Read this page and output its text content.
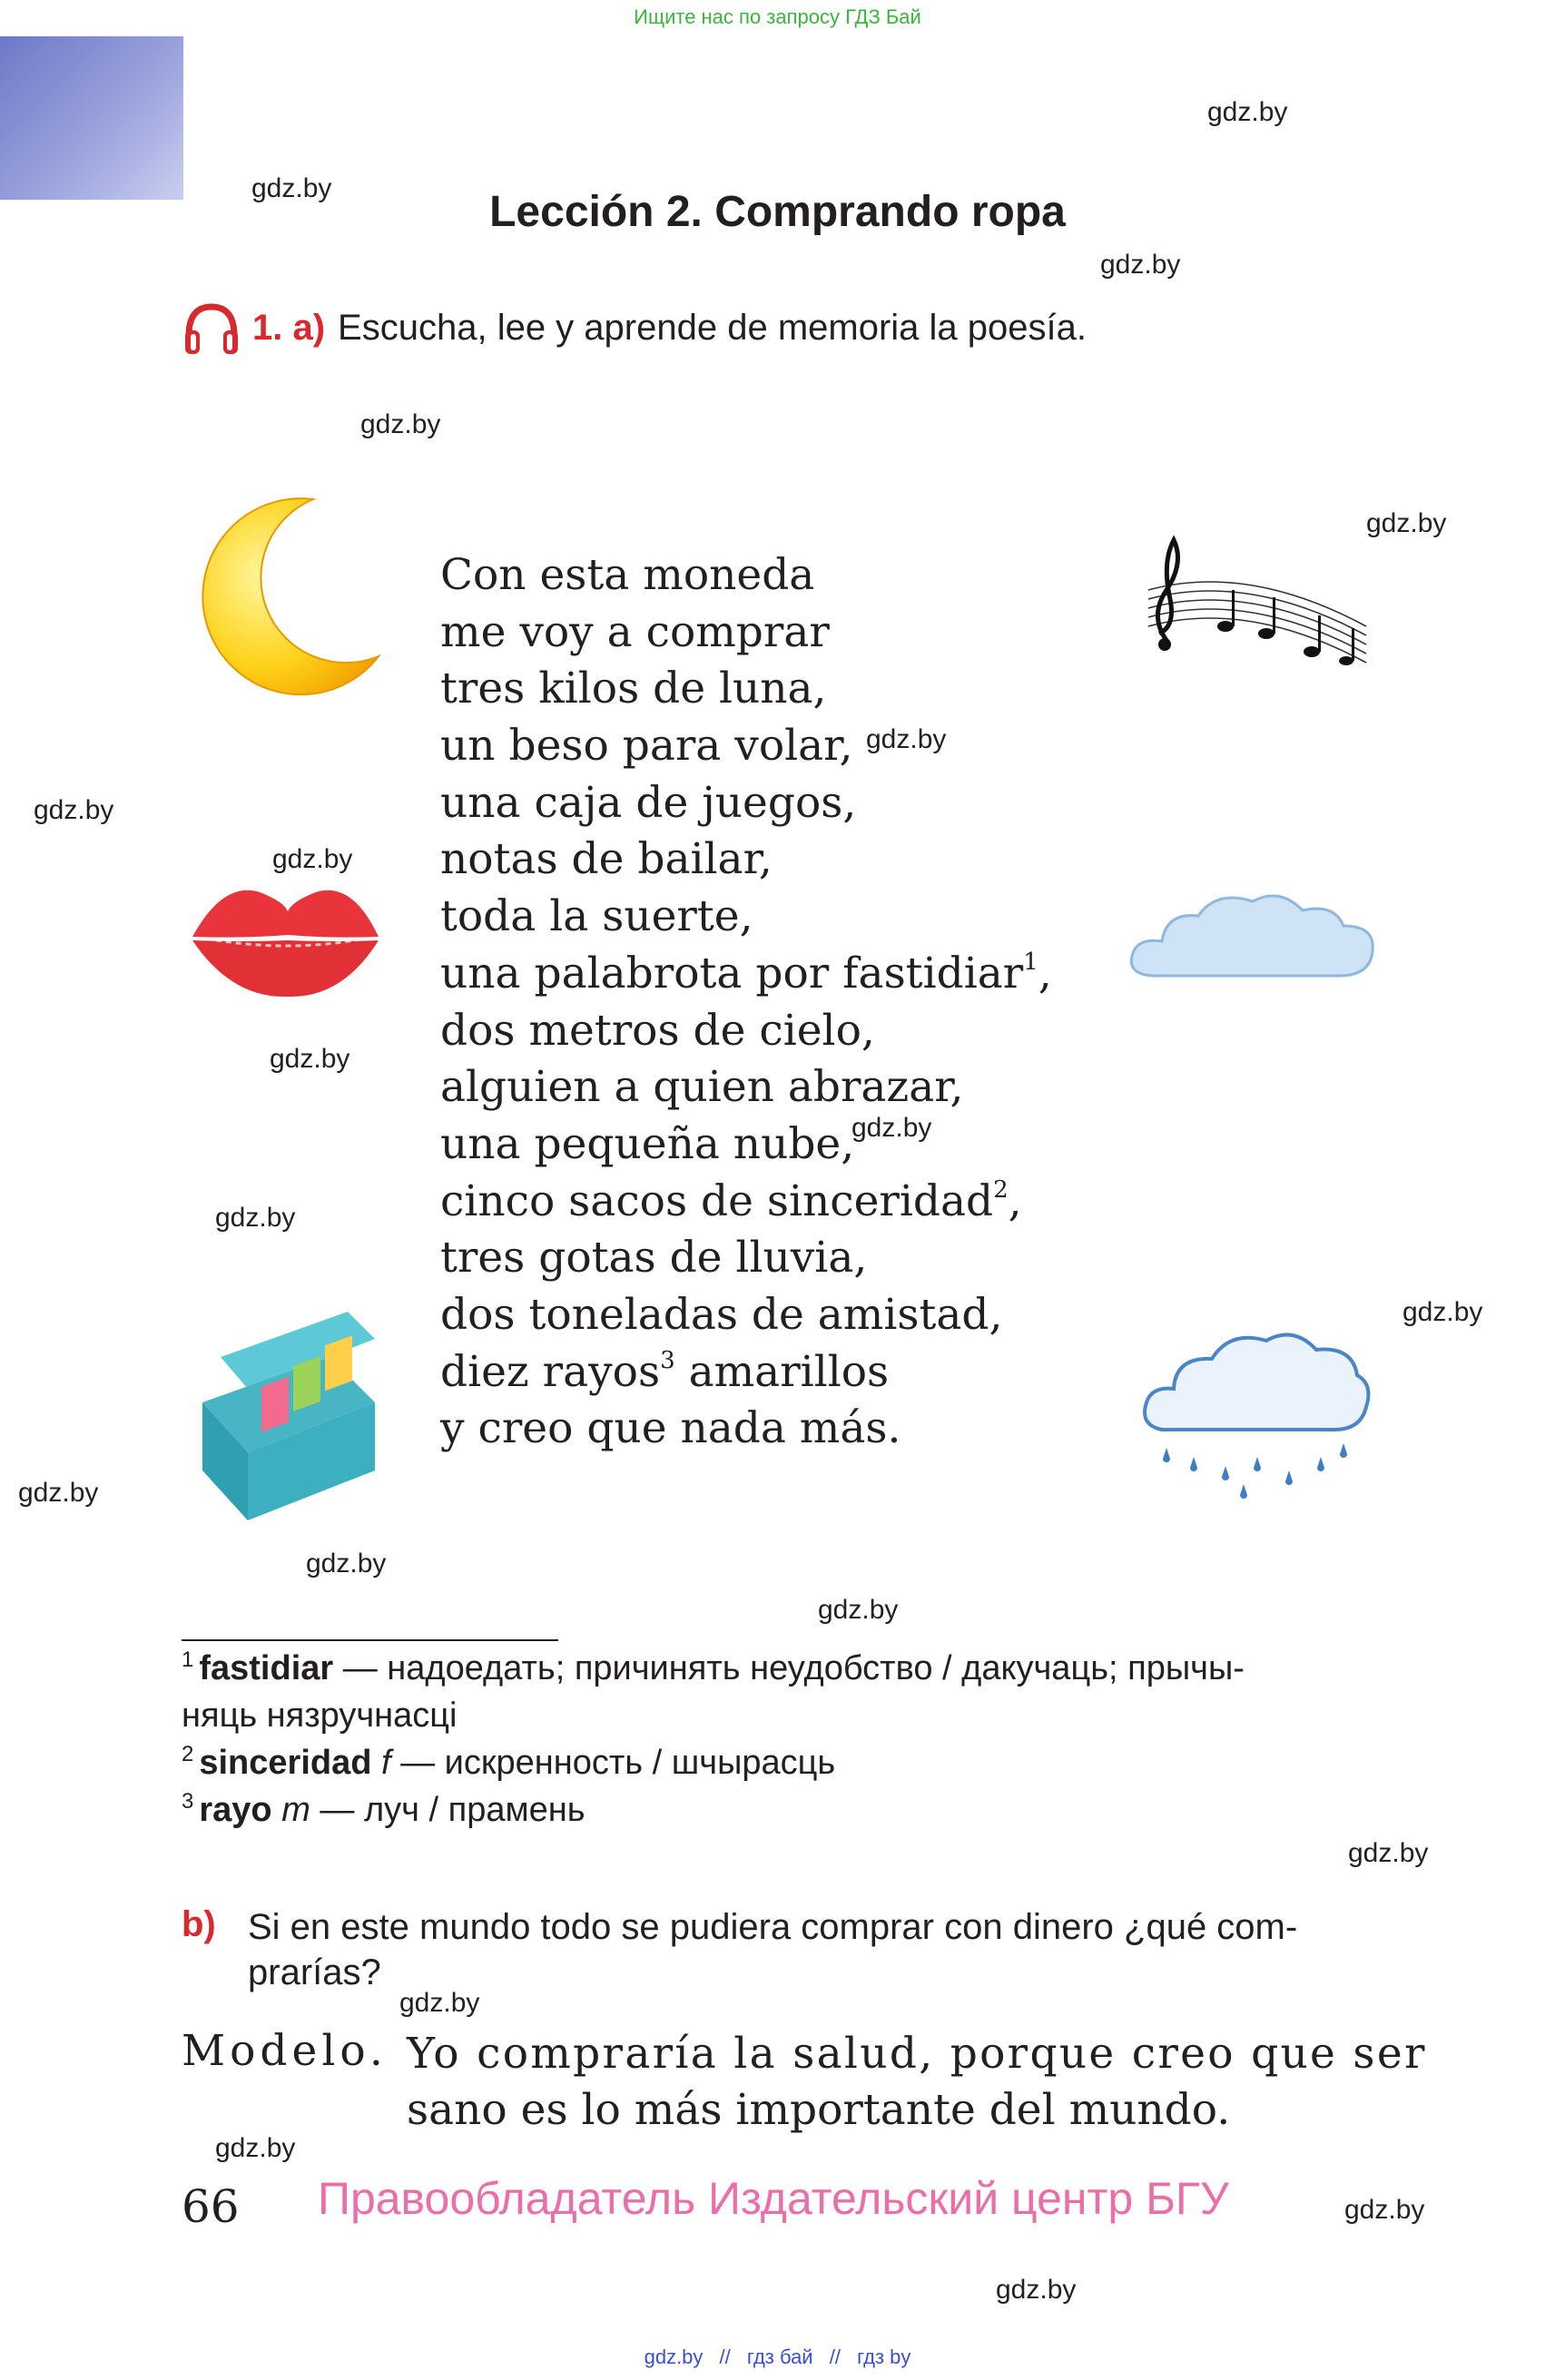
Ищите нас по запросу ГДЗ Бай
gdz.by
gdz.by
gdz.by
gdz.by
gdz.by
gdz.by
gdz.by
gdz.by
gdz.by
gdz.by
gdz.by
gdz.by
gdz.by
gdz.by
gdz.by
gdz.by
gdz.by
gdz.by
gdz.by
gdz.by
Lección 2. Comprando ropa
1. a) Escucha, lee y aprende de memoria la poesía.
Con esta moneda
me voy a comprar
tres kilos de luna,
un beso para volar,
una caja de juegos,
notas de bailar,
toda la suerte,
una palabrota por fastidiar$^1$,
dos metros de cielo,
alguien a quien abrazar,
una pequeña nube,
cinco sacos de sinceridad$^2$,
tres gotas de lluvia,
dos toneladas de amistad,
diez rayos$^3$ amarillos
y creo que nada más.
$^1$ fastidiar — надоедать; причинять неудобство / дакучаць; прычы-
няць нязручнасці
$^2$ sinceridad f — искренность / шчырасць
$^3$ rayo m — луч / прамень
b) Si en este mundo todo se pudiera comprar con dinero ¿qué com-
prarías?
Modelo. Yo compraría la salud, porque creo que ser
sano es lo más importante del mundo.
66 Правообладатель Издательский центр БГУ
gdz.by // гдз бай // гдз by
